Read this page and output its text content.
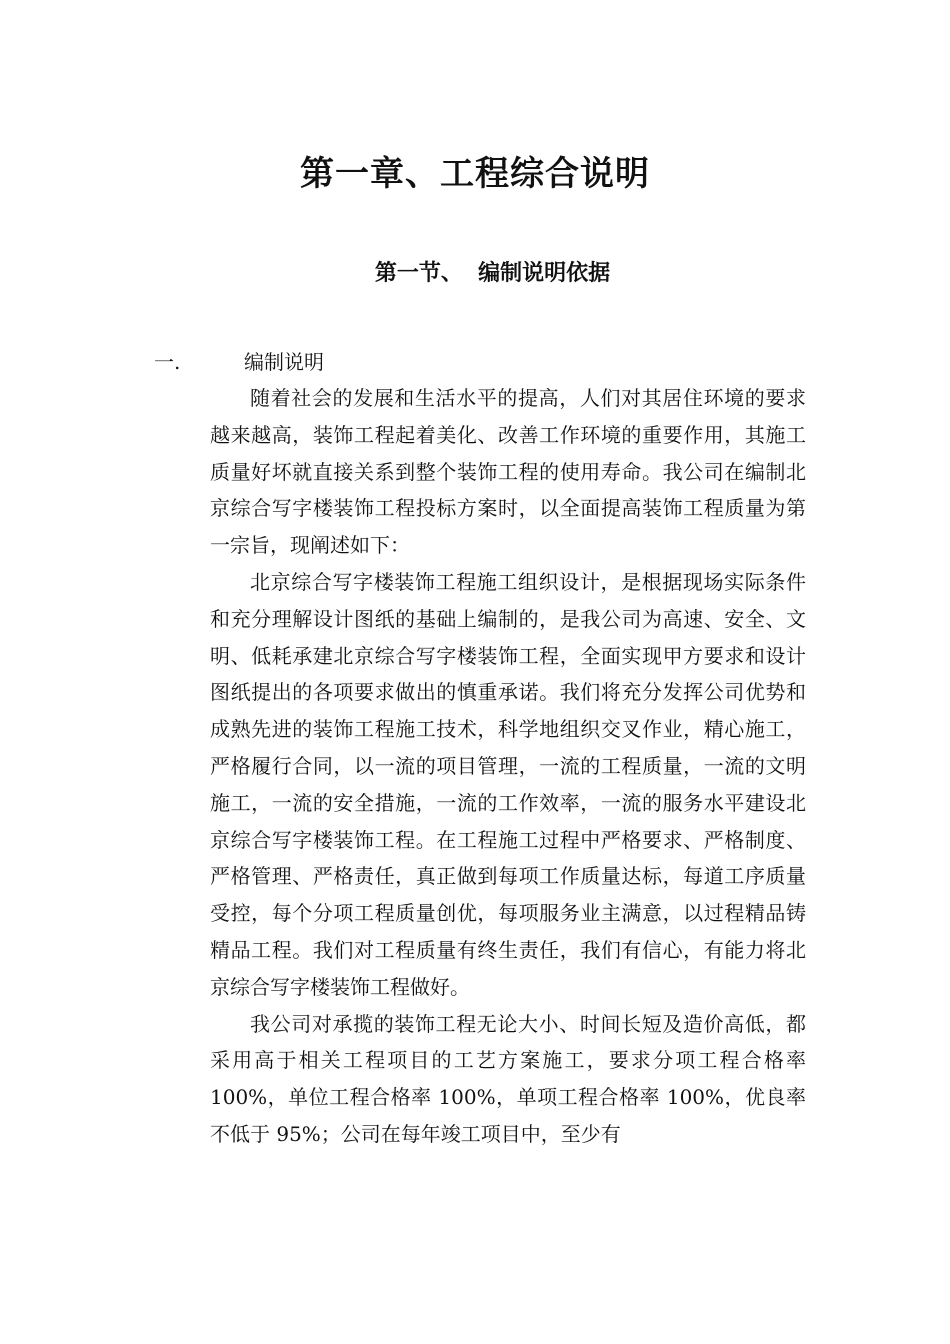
第一章、工程综合说明
第一节、  编制说明依据
一.	编制说明

随着社会的发展和生活水平的提高，人们对其居住环境的要求越来越高，装饰工程起着美化、改善工作环境的重要作用，其施工质量好坏就直接关系到整个装饰工程的使用寿命。我公司在编制北京综合写字楼装饰工程投标方案时，以全面提高装饰工程质量为第一宗旨，现阐述如下：

北京综合写字楼装饰工程施工组织设计，是根据现场实际条件和充分理解设计图纸的基础上编制的，是我公司为高速、安全、文明、低耗承建北京综合写字楼装饰工程，全面实现甲方要求和设计图纸提出的各项要求做出的慎重承诺。我们将充分发挥公司优势和成熟先进的装饰工程施工技术，科学地组织交叉作业，精心施工，严格履行合同，以一流的项目管理，一流的工程质量，一流的文明施工，一流的安全措施，一流的工作效率，一流的服务水平建设北京综合写字楼装饰工程。在工程施工过程中严格要求、严格制度、严格管理、严格责任，真正做到每项工作质量达标，每道工序质量受控，每个分项工程质量创优，每项服务业主满意，以过程精品铸精品工程。我们对工程质量有终生责任，我们有信心，有能力将北京综合写字楼装饰工程做好。

我公司对承揽的装饰工程无论大小、时间长短及造价高低，都采用高于相关工程项目的工艺方案施工，要求分项工程合格率 100%，单位工程合格率 100%，单项工程合格率 100%，优良率不低于 95%；公司在每年竣工项目中，至少有
